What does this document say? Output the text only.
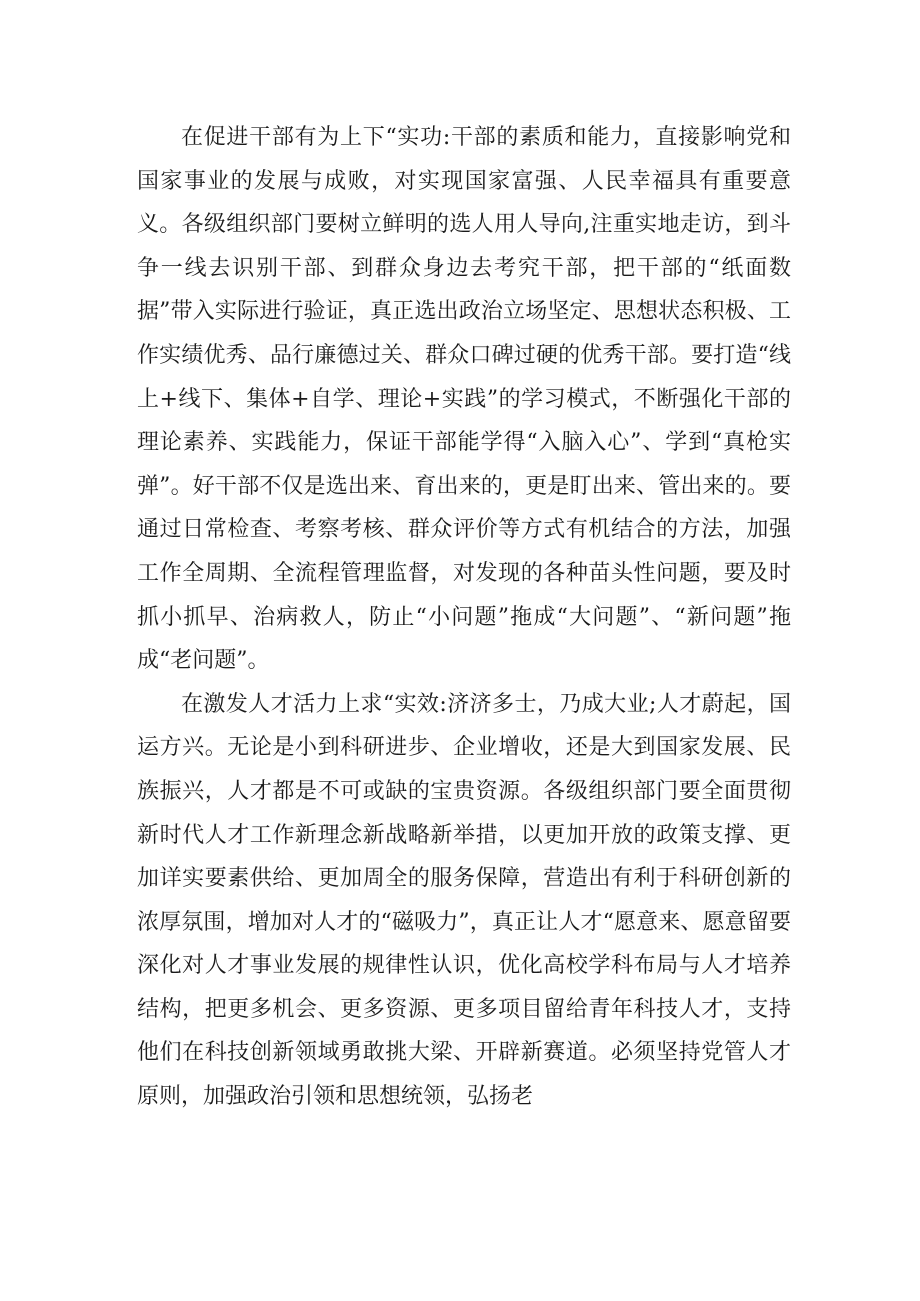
在促进干部有为上下“实功:干部的素质和能力，直接影响党和国家事业的发展与成败，对实现国家富强、人民幸福具有重要意义。各级组织部门要树立鲜明的选人用人导向,注重实地走访，到斗争一线去识别干部、到群众身边去考究干部，把干部的“纸面数据”带入实际进行验证，真正选出政治立场坚定、思想状态积极、工作实绩优秀、品行廉德过关、群众口碑过硬的优秀干部。要打造“线上+线下、集体+自学、理论+实践”的学习模式，不断强化干部的理论素养、实践能力，保证干部能学得“入脑入心”、学到“真枪实弹”。好干部不仅是选出来、育出来的，更是盯出来、管出来的。要通过日常检查、考察考核、群众评价等方式有机结合的方法，加强工作全周期、全流程管理监督，对发现的各种苗头性问题，要及时抓小抓早、治病救人，防止“小问题”拖成“大问题”、“新问题”拖成“老问题”。

在激发人才活力上求“实效:济济多士，乃成大业;人才蔚起，国运方兴。无论是小到科研进步、企业增收，还是大到国家发展、民族振兴，人才都是不可或缺的宝贵资源。各级组织部门要全面贯彻新时代人才工作新理念新战略新举措，以更加开放的政策支撑、更加详实要素供给、更加周全的服务保障，营造出有利于科研创新的浓厚氛围，增加对人才的“磁吸力”，真正让人才“愿意来、愿意留要深化对人才事业发展的规律性认识，优化高校学科布局与人才培养结构，把更多机会、更多资源、更多项目留给青年科技人才，支持他们在科技创新领域勇敢挑大梁、开辟新赛道。必须坚持党管人才原则，加强政治引领和思想统领，弘扬老
